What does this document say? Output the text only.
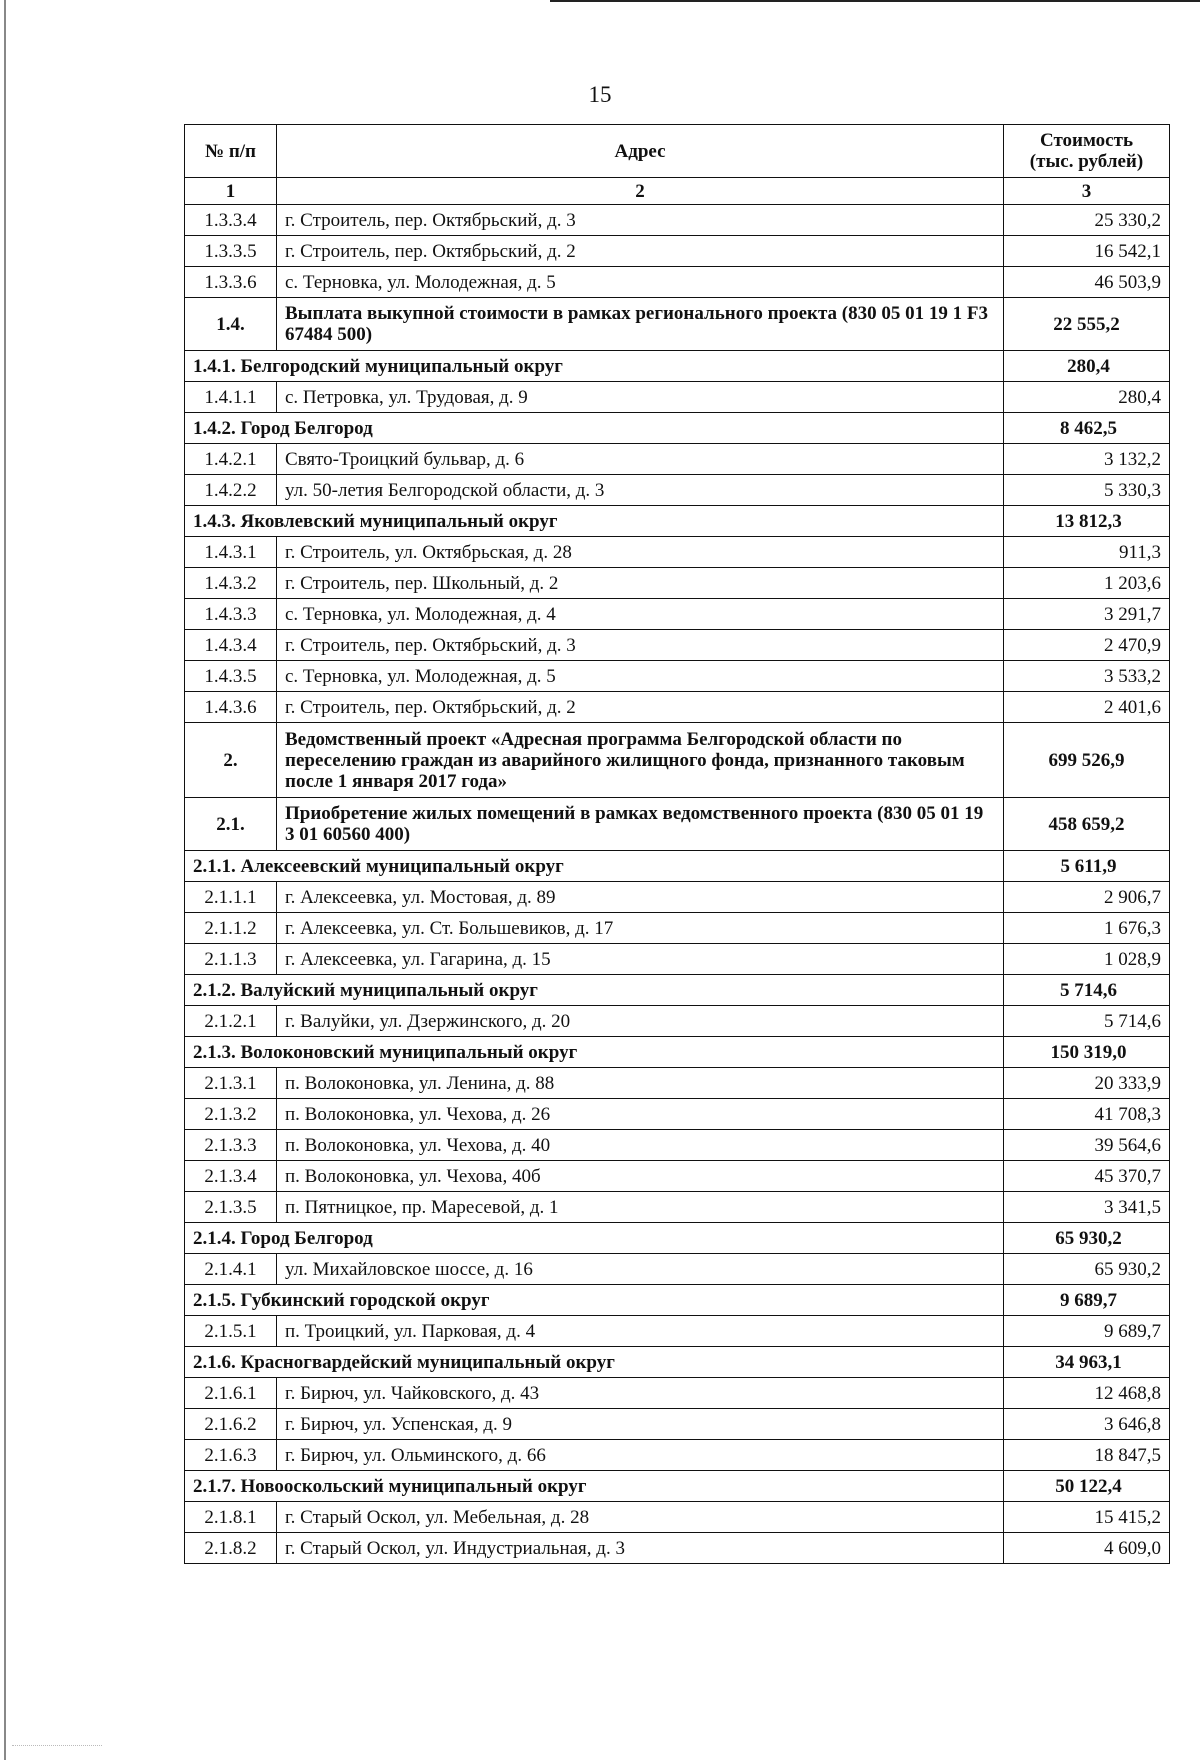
15
№ п/п	Адрес	Стоимость
(тыс. рублей)
1	2	3
1.3.3.4	г. Строитель, пер. Октябрьский, д. 3	25 330,2
1.3.3.5	г. Строитель, пер. Октябрьский, д. 2	16 542,1
1.3.3.6	с. Терновка, ул. Молодежная, д. 5	46 503,9
1.4.	Выплата выкупной стоимости в рамках регионального проекта (830 05 01 19 1 F3 67484 500)	22 555,2
1.4.1. Белгородский муниципальный округ		280,4
1.4.1.1	с. Петровка, ул. Трудовая, д. 9	280,4
1.4.2. Город Белгород		8 462,5
1.4.2.1	Свято-Троицкий бульвар, д. 6	3 132,2
1.4.2.2	ул. 50-летия Белгородской области, д. 3	5 330,3
1.4.3. Яковлевский муниципальный округ		13 812,3
1.4.3.1	г. Строитель, ул. Октябрьская, д. 28	911,3
1.4.3.2	г. Строитель, пер. Школьный, д. 2	1 203,6
1.4.3.3	с. Терновка, ул. Молодежная, д. 4	3 291,7
1.4.3.4	г. Строитель, пер. Октябрьский, д. 3	2 470,9
1.4.3.5	с. Терновка, ул. Молодежная, д. 5	3 533,2
1.4.3.6	г. Строитель, пер. Октябрьский, д. 2	2 401,6
2.	Ведомственный проект «Адресная программа Белгородской области по переселению граждан из аварийного жилищного фонда, признанного таковым после 1 января 2017 года»	699 526,9
2.1.	Приобретение жилых помещений в рамках ведомственного проекта (830 05 01 19 3 01 60560 400)	458 659,2
2.1.1. Алексеевский муниципальный округ		5 611,9
2.1.1.1	г. Алексеевка, ул. Мостовая, д. 89	2 906,7
2.1.1.2	г. Алексеевка, ул. Ст. Большевиков, д. 17	1 676,3
2.1.1.3	г. Алексеевка, ул. Гагарина, д. 15	1 028,9
2.1.2. Валуйский муниципальный округ		5 714,6
2.1.2.1	г. Валуйки, ул. Дзержинского, д. 20	5 714,6
2.1.3. Волоконовский муниципальный округ		150 319,0
2.1.3.1	п. Волоконовка, ул. Ленина, д. 88	20 333,9
2.1.3.2	п. Волоконовка, ул. Чехова, д. 26	41 708,3
2.1.3.3	п. Волоконовка, ул. Чехова, д. 40	39 564,6
2.1.3.4	п. Волоконовка, ул. Чехова, 40б	45 370,7
2.1.3.5	п. Пятницкое, пр. Маресевой, д. 1	3 341,5
2.1.4. Город Белгород		65 930,2
2.1.4.1	ул. Михайловское шоссе, д. 16	65 930,2
2.1.5. Губкинский городской округ		9 689,7
2.1.5.1	п. Троицкий, ул. Парковая, д. 4	9 689,7
2.1.6. Красногвардейский муниципальный округ		34 963,1
2.1.6.1	г. Бирюч, ул. Чайковского, д. 43	12 468,8
2.1.6.2	г. Бирюч, ул. Успенская, д. 9	3 646,8
2.1.6.3	г. Бирюч, ул. Ольминского, д. 66	18 847,5
2.1.7. Новооскольский муниципальный округ		50 122,4
2.1.8.1	г. Старый Оскол, ул. Мебельная, д. 28	15 415,2
2.1.8.2	г. Старый Оскол, ул. Индустриальная, д. 3	4 609,0
